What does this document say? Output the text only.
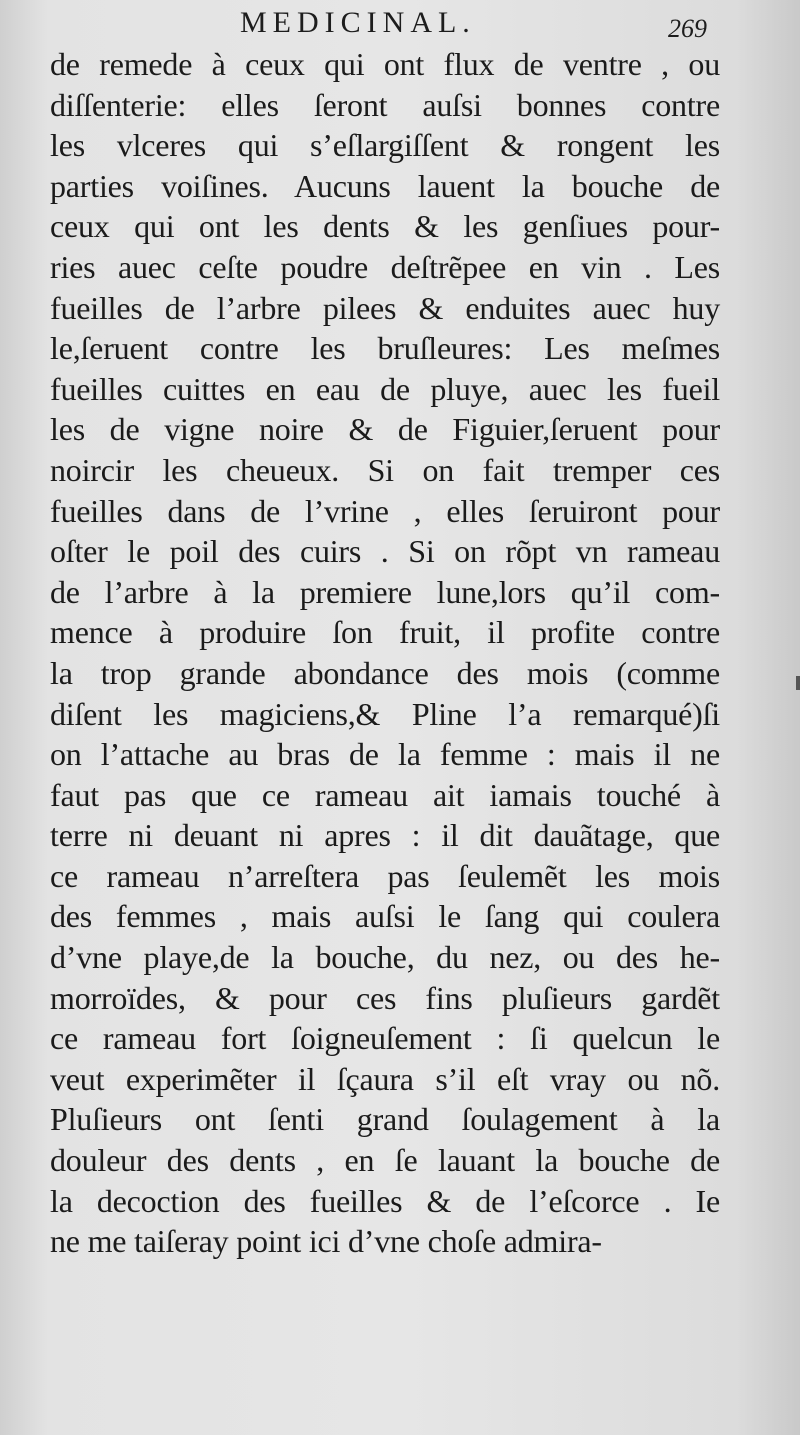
MEDICINAL.	269
de remede à ceux qui ont flux de ventre , ou
diſſenterie: elles ſeront auſsi bonnes contre
les vlceres qui s’eſlargiſſent & rongent les
parties voiſines. Aucuns lauent la bouche de
ceux qui ont les dents & les genſiues pour-
ries auec ceſte poudre deſtrẽpee en vin . Les
fueilles de l’arbre pilees & enduites auec huy
le,ſeruent contre les bruſleures: Les meſmes
fueilles cuittes en eau de pluye, auec les fueil
les de vigne noire & de Figuier,ſeruent pour
noircir les cheueux. Si on fait tremper ces
fueilles dans de l’vrine , elles ſeruiront pour
oſter le poil des cuirs . Si on rõpt vn rameau
de l’arbre à la premiere lune,lors qu’il com-
mence à produire ſon fruit, il profite contre
la trop grande abondance des mois (comme
diſent les magiciens,& Pline l’a remarqué)ſi
on l’attache au bras de la femme : mais il ne
faut pas que ce rameau ait iamais touché à
terre ni deuant ni apres : il dit dauãtage, que
ce rameau n’arreſtera pas ſeulemẽt les mois
des femmes , mais auſsi le ſang qui coulera
d’vne playe,de la bouche, du nez, ou des he-
morroïdes, & pour ces fins pluſieurs gardẽt
ce rameau fort ſoigneuſement : ſi quelcun le
veut experimẽter il ſçaura s’il eſt vray ou nõ.
Pluſieurs ont ſenti grand ſoulagement à la
douleur des dents , en ſe lauant la bouche de
la decoction des fueilles & de l’eſcorce . Ie
ne me taiſeray point ici d’vne choſe admira-
